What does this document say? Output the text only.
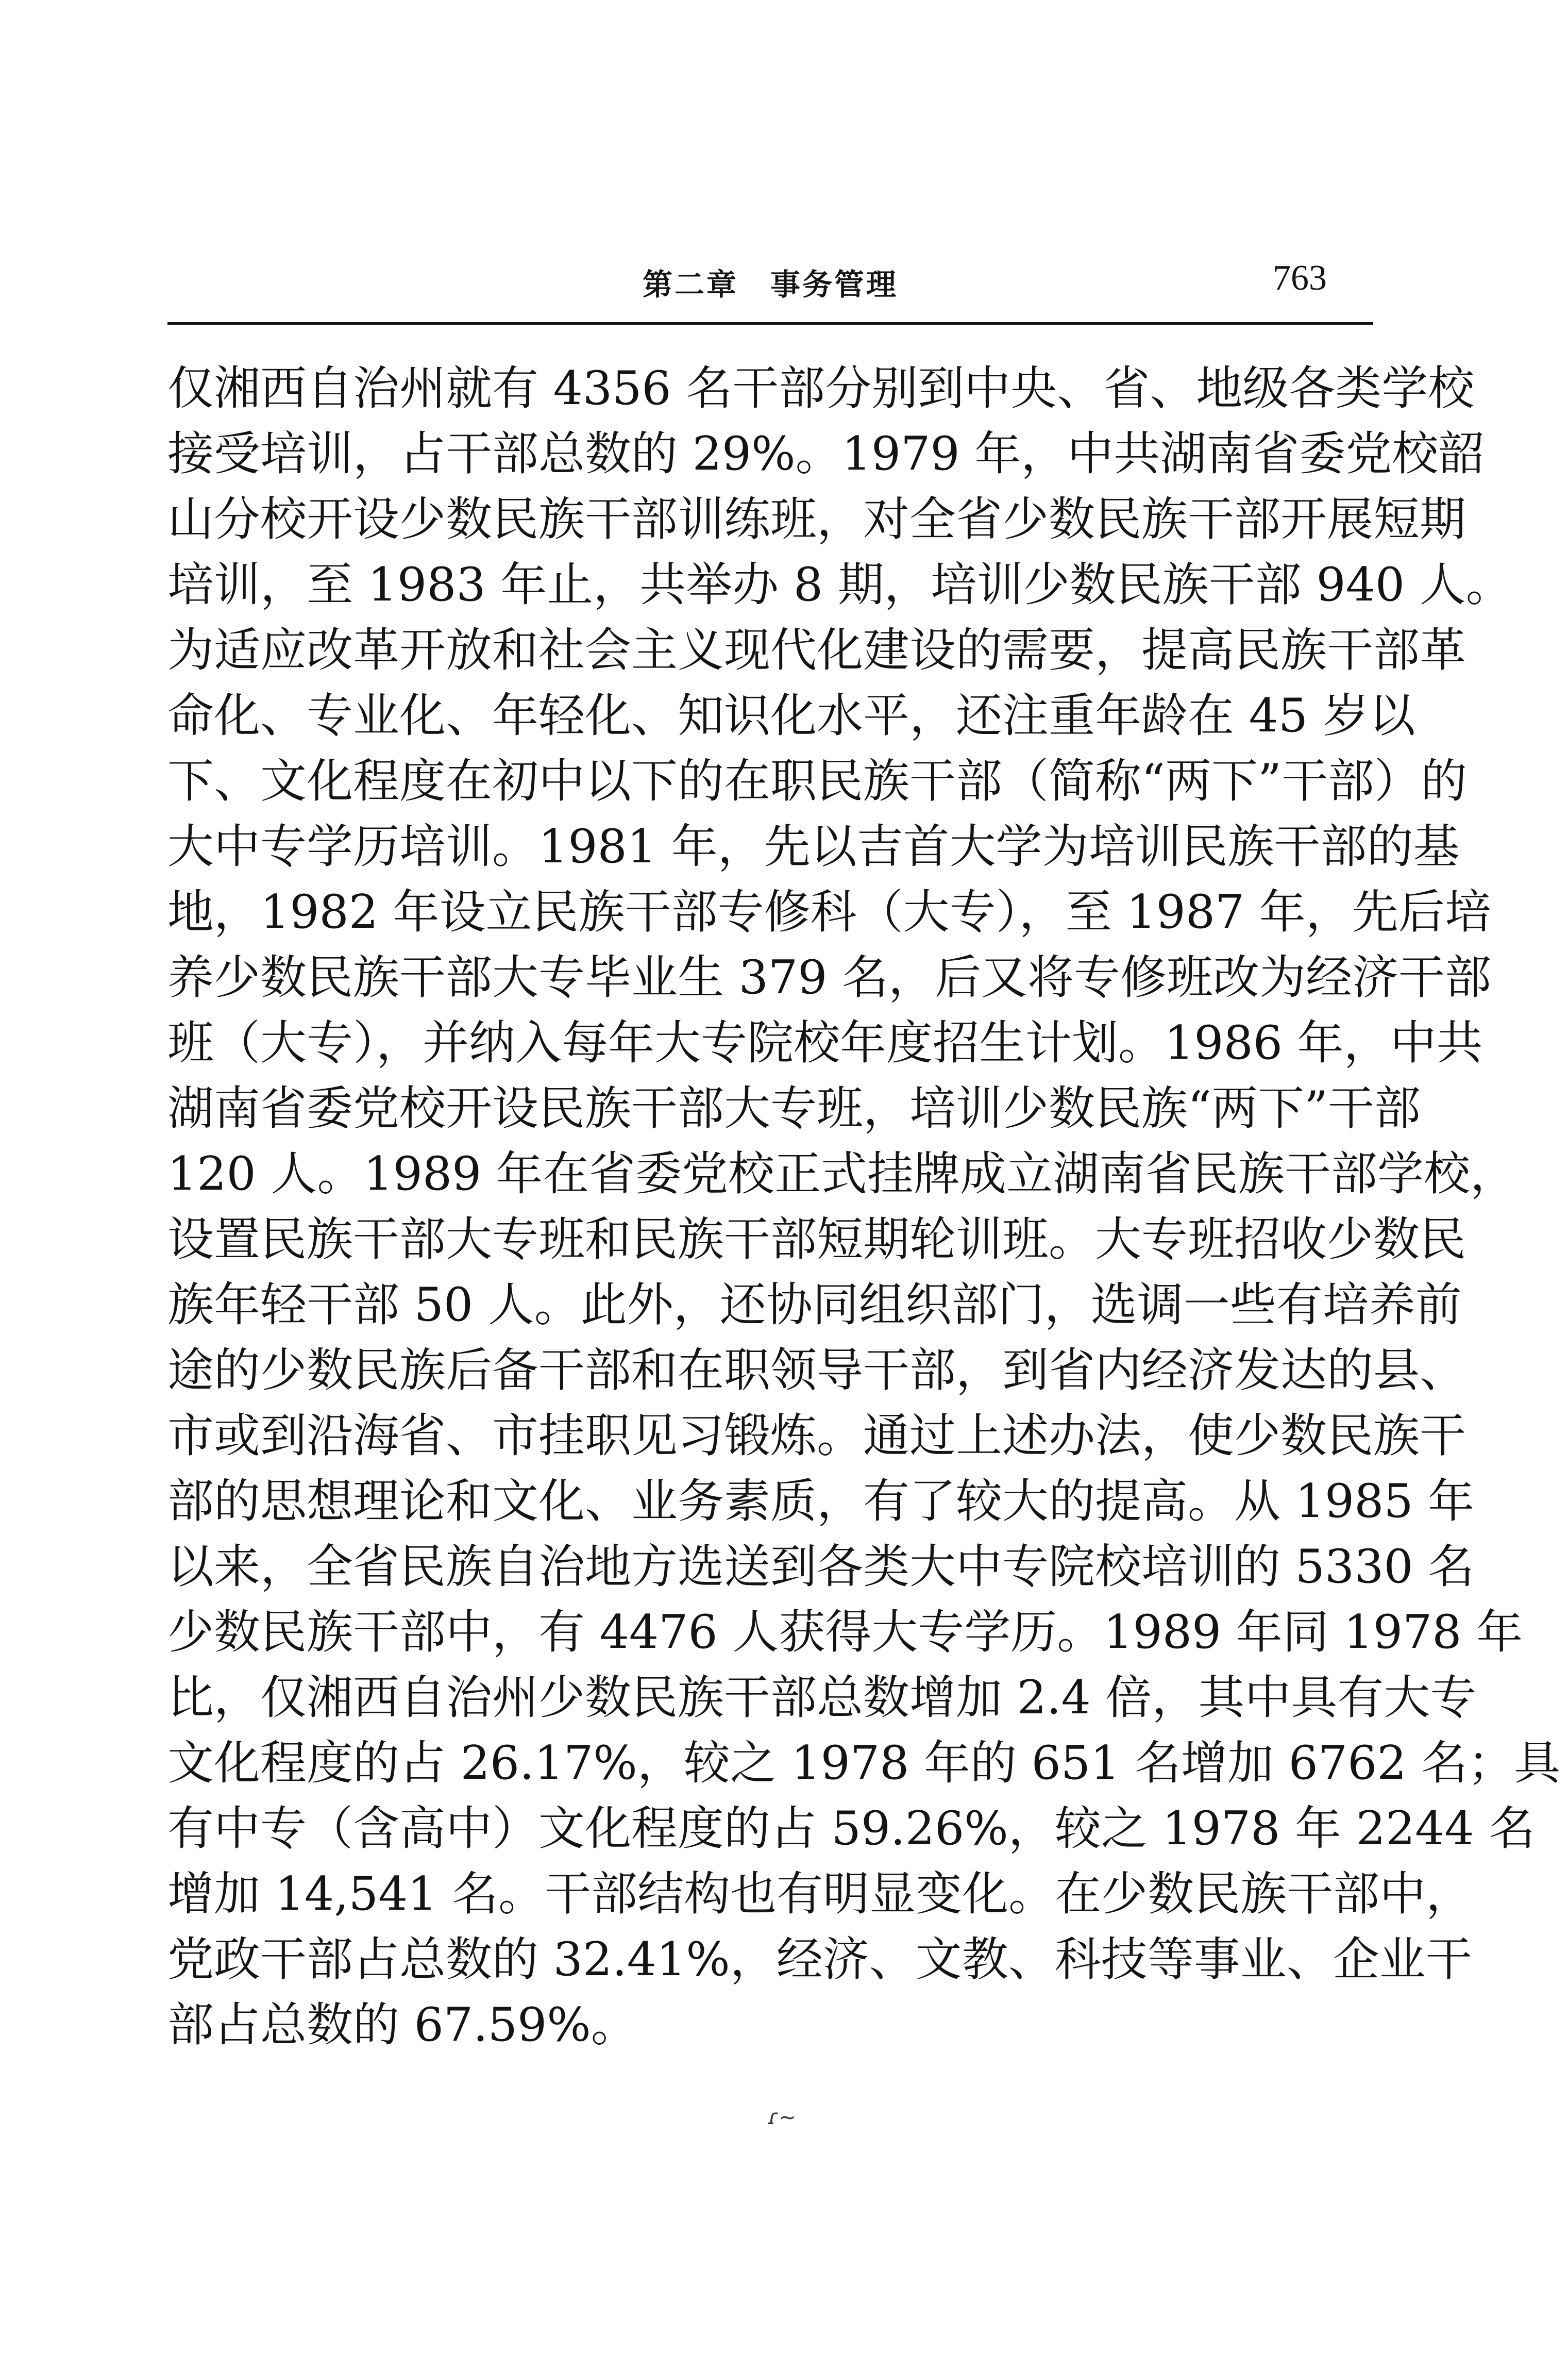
第二章　事务管理	763
仅湘西自治州就有 4356 名干部分别到中央、省、地级各类学校
接受培训，占干部总数的 29%。1979 年，中共湖南省委党校韶
山分校开设少数民族干部训练班，对全省少数民族干部开展短期
培训，至 1983 年止，共举办 8 期，培训少数民族干部 940 人。
为适应改革开放和社会主义现代化建设的需要，提高民族干部革
命化、专业化、年轻化、知识化水平，还注重年龄在 45 岁以
下、文化程度在初中以下的在职民族干部（简称“两下”干部）的
大中专学历培训。1981 年，先以吉首大学为培训民族干部的基
地，1982 年设立民族干部专修科（大专），至 1987 年，先后培
养少数民族干部大专毕业生 379 名，后又将专修班改为经济干部
班（大专），并纳入每年大专院校年度招生计划。1986 年，中共
湖南省委党校开设民族干部大专班，培训少数民族“两下”干部
120 人。1989 年在省委党校正式挂牌成立湖南省民族干部学校，
设置民族干部大专班和民族干部短期轮训班。大专班招收少数民
族年轻干部 50 人。此外，还协同组织部门，选调一些有培养前
途的少数民族后备干部和在职领导干部，到省内经济发达的县、
市或到沿海省、市挂职见习锻炼。通过上述办法，使少数民族干
部的思想理论和文化、业务素质，有了较大的提高。从 1985 年
以来，全省民族自治地方选送到各类大中专院校培训的 5330 名
少数民族干部中，有 4476 人获得大专学历。1989 年同 1978 年
比，仅湘西自治州少数民族干部总数增加 2.4 倍，其中具有大专
文化程度的占 26.17%，较之 1978 年的 651 名增加 6762 名；具
有中专（含高中）文化程度的占 59.26%，较之 1978 年 2244 名
增加 14,541 名。干部结构也有明显变化。在少数民族干部中，
党政干部占总数的 32.41%，经济、文教、科技等事业、企业干
部占总数的 67.59%。
ɾ~
